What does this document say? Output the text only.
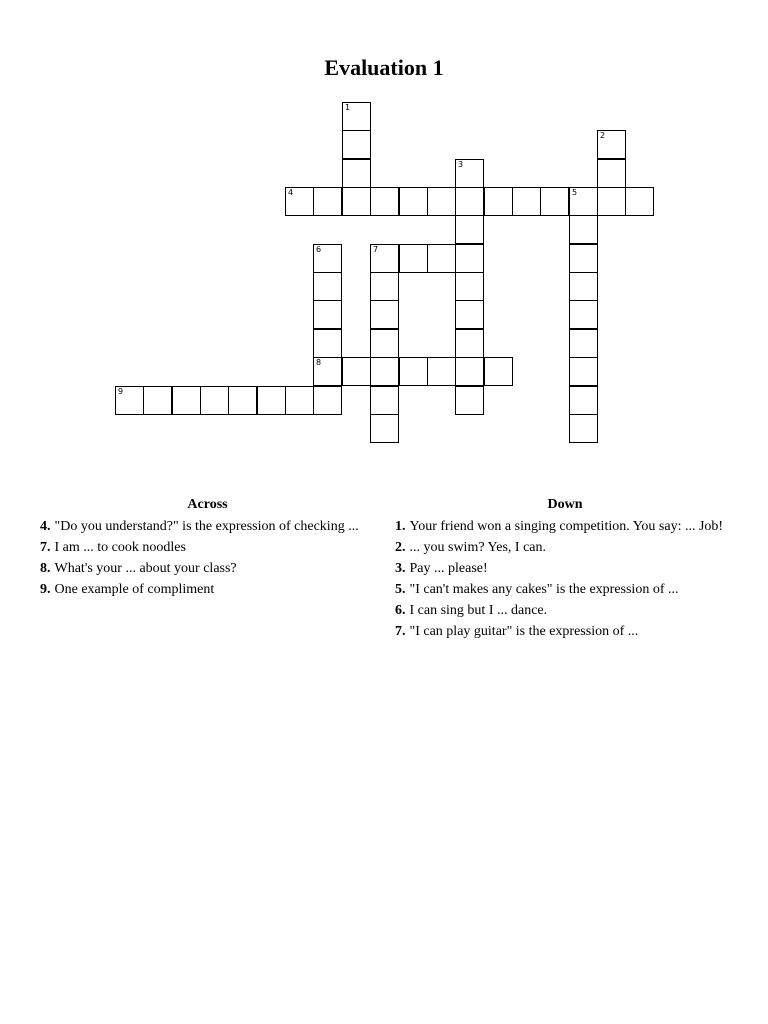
Evaluation 1
1
2
3
4	5
6
8
7
9
Across
4. "Do you understand?" is the expression of checking ...
7. I am ... to cook noodles
8. What's your ... about your class?
9. One example of compliment
Down
1. Your friend won a singing competition. You say: ... Job!
2. ... you swim? Yes, I can.
3. Pay ... please!
5. "I can't makes any cakes" is the expression of ...
6. I can sing but I ... dance.
7. "I can play guitar" is the expression of ...
